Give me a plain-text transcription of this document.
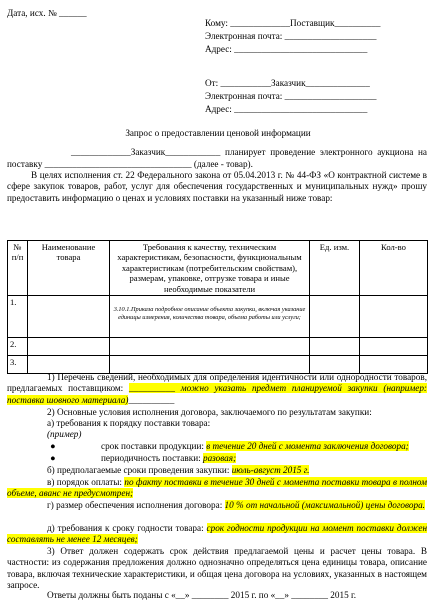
Дата, исх. № ______
Кому: _____________Поставщик__________
Электронная почта: ____________________
Адрес: _____________________________
От: ___________Заказчик______________
Электронная почта: ____________________
Адрес: _____________________________
Запрос о предоставлении ценовой информации
_____________Заказчик____________ планирует проведение электронного аукциона на
поставку ________________________________ (далее - товар).
В целях исполнения ст. 22 Федерального закона от 05.04.2013 г. № 44-ФЗ «О контрактной системе в сфере закупок товаров, работ, услуг для обеспечения государственных и муниципальных нужд» прошу предоставить информацию о ценах и условиях поставки на указанный ниже товар:
№ п/п	Наименование товара	Требования к качеству, техническим характеристикам, безопасности, функциональным характеристикам (потребительским свойствам), размерам, упаковке, отгрузке товара и иные необходимые показатели	Ед. изм.	Кол-во
1.		3.10.1.Приказа подробное описание объекта закупки, включая указание единицы измерения, количества товара, объема работы или услуги;		
2.				
3.				
1) Перечень сведений, необходимых для определения идентичности или однородности товаров, предлагаемых поставщиком: __________ можно указать предмет планируемой закупки (например: поставка шовного материала)__________
2) Основные условия исполнения договора, заключаемого по результатам закупки:
а) требования к порядку поставки товара:
(пример)
●	срок поставки продукции: в течение 20 дней с момента заключения договора;
●	периодичность поставки: разовая;
б) предполагаемые сроки проведения закупки: июль-август 2015 г.
в) порядок оплаты: по факту поставки в течение 30 дней с момента поставки товара в полном объеме, аванс не предусмотрен;
г) размер обеспечения исполнения договора: 10 % от начальной (максимальной) цены договора.
д) требования к сроку годности товара: срок годности продукции на момент поставки должен составлять не менее 12 месяцев;
3) Ответ должен содержать срок действия предлагаемой цены и расчет цены товара. В частности: из содержания предложения должно однозначно определяться цена единицы товара, описание товара, включая технические характеристики, и общая цена договора на условиях, указанных в настоящем запросе.
Ответы должны быть поданы с «__» ________ 2015 г. по «__» ________ 2015 г.
